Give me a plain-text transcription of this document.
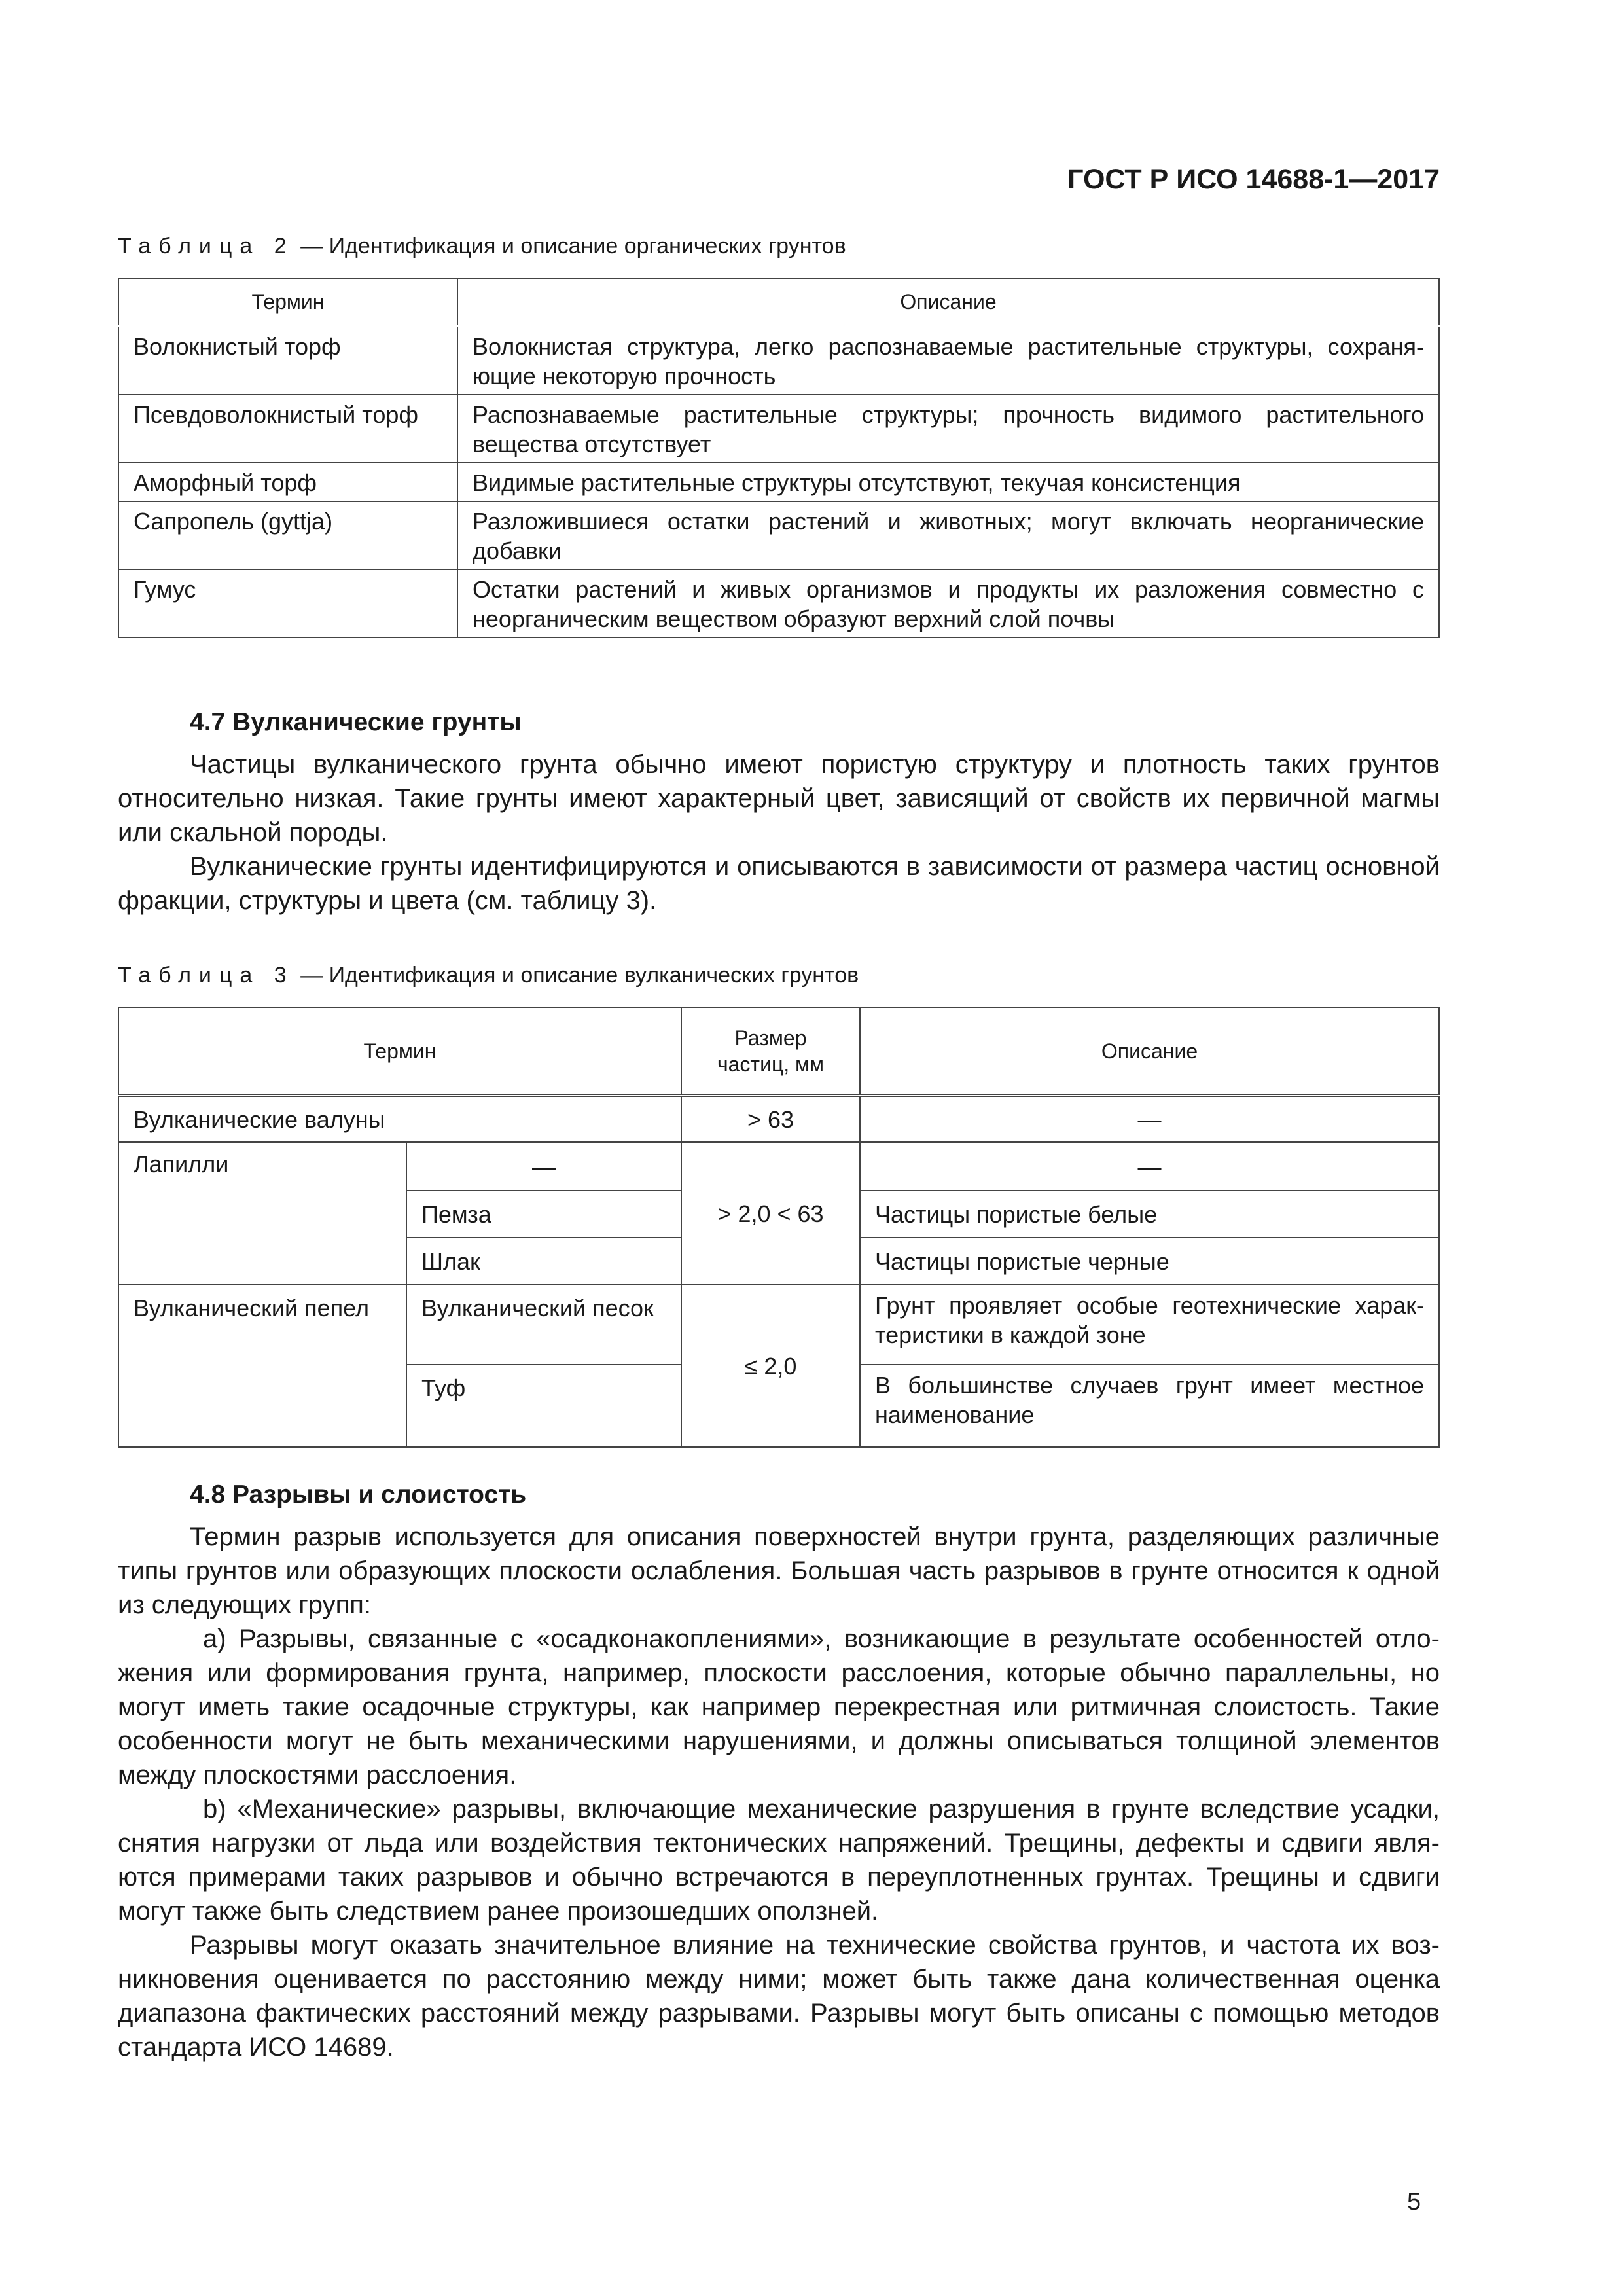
ГОСТ Р ИСО 14688-1—2017
Таблица 2 — Идентификация и описание органических грунтов
Термин	Описание
Волокнистый торф	Волокнистая структура, легко распознаваемые растительные структуры, сохраня- ющие некоторую прочность
Псевдоволокнистый торф	Распознаваемые растительные структуры; прочность видимого растительного вещества отсутствует
Аморфный торф	Видимые растительные структуры отсутствуют, текучая консистенция
Сапропель (gyttja)	Разложившиеся остатки растений и животных; могут включать неорганические добавки
Гумус	Остатки растений и живых организмов и продукты их разложения совместно с неорганическим веществом образуют верхний слой почвы
4.7 Вулканические грунты

Частицы вулканического грунта обычно имеют пористую структуру и плотность таких грунтов относительно низкая. Такие грунты имеют характерный цвет, зависящий от свойств их первичной магмы или скальной породы.

Вулканические грунты идентифицируются и описываются в зависимости от размера частиц основной фракции, структуры и цвета (см. таблицу 3).

Таблица 3 — Идентификация и описание вулканических грунтов
Термин		Размер частиц, мм	Описание
Вулканические валуны		> 63	—
Лапилли	—	> 2,0 < 63	—
	Пемза		Частицы пористые белые
	Шлак		Частицы пористые черные
Вулканический пепел	Вулканический песок	≤ 2,0	Грунт проявляет особые геотехнические харак- теристики в каждой зоне
	Туф		В большинстве случаев грунт имеет местное наименование
4.8 Разрывы и слоистость

Термин разрыв используется для описания поверхностей внутри грунта, разделяющих различные типы грунтов или образующих плоскости ослабления. Большая часть разрывов в грунте относится к одной из следующих групп:

a) Разрывы, связанные с «осадконакоплениями», возникающие в результате особенностей отло- жения или формирования грунта, например, плоскости расслоения, которые обычно параллельны, но могут иметь такие осадочные структуры, как например перекрестная или ритмичная слоистость. Такие особенности могут не быть механическими нарушениями, и должны описываться толщиной элементов между плоскостями расслоения.

b) «Механические» разрывы, включающие механические разрушения в грунте вследствие усадки, снятия нагрузки от льда или воздействия тектонических напряжений. Трещины, дефекты и сдвиги явля- ются примерами таких разрывов и обычно встречаются в переуплотненных грунтах. Трещины и сдвиги могут также быть следствием ранее произошедших оползней.

Разрывы могут оказать значительное влияние на технические свойства грунтов, и частота их воз- никновения оценивается по расстоянию между ними; может быть также дана количественная оценка диапазона фактических расстояний между разрывами. Разрывы могут быть описаны с помощью методов стандарта ИСО 14689.

5
